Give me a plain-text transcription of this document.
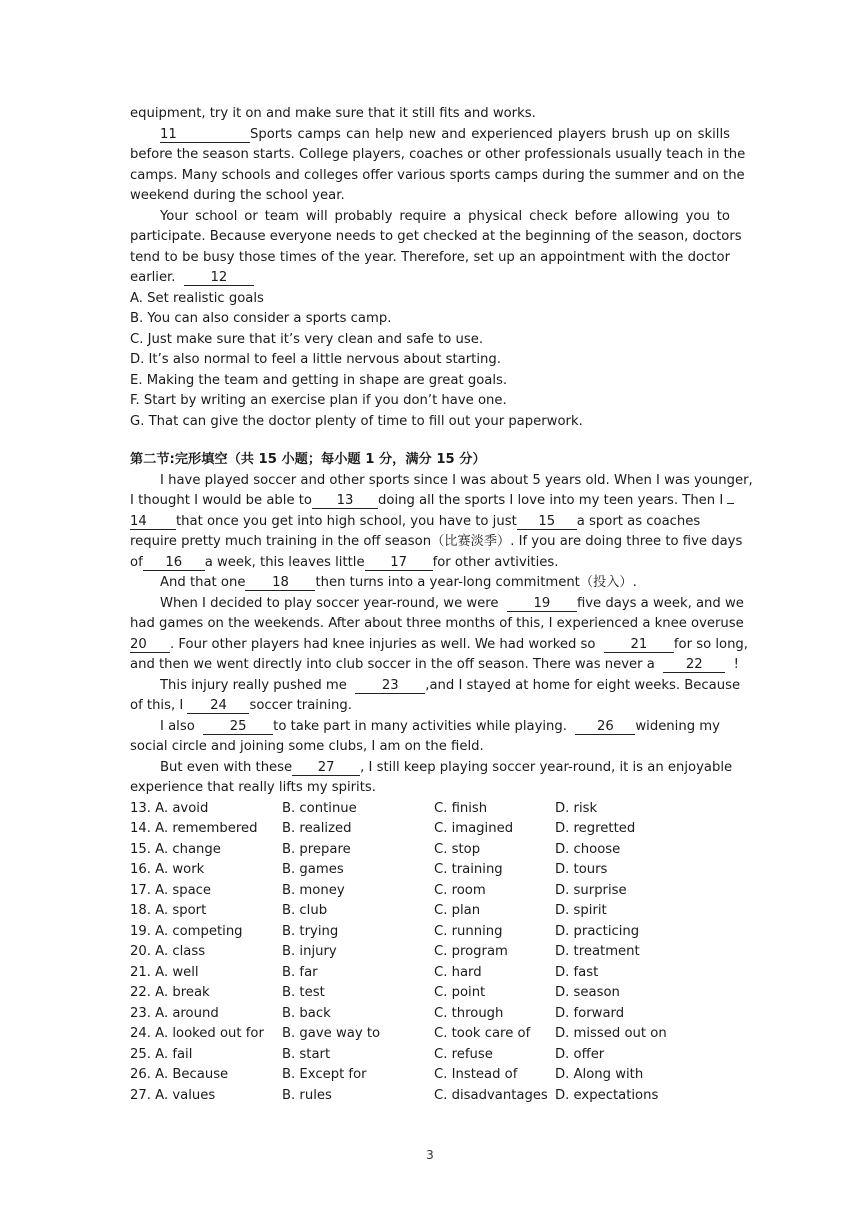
equipment, try it on and make sure that it still fits and works.
11	Sports camps can help new and experienced players brush up on skills
before the season starts. College players, coaches or other professionals usually teach in the
camps. Many schools and colleges offer various sports camps during the summer and on the
weekend during the school year.
Your school or team will probably require a physical check before allowing you to
participate. Because everyone needs to get checked at the beginning of the season, doctors
tend to be busy those times of the year. Therefore, set up an appointment with the doctor
earlier.	12
A. Set realistic goals
B. You can also consider a sports camp.
C. Just make sure that it’s very clean and safe to use.
D. It’s also normal to feel a little nervous about starting.
E. Making the team and getting in shape are great goals.
F. Start by writing an exercise plan if you don’t have one.
G. That can give the doctor plenty of time to fill out your paperwork.
第二节:完形填空（共 15 小题；每小题 1 分，满分 15 分）
I have played soccer and other sports since I was about 5 years old. When I was younger,
I thought I would be able to 13 doing all the sports I love into my teen years. Then I
14 that once you get into high school, you have to just 15 a sport as coaches
require pretty much training in the off season（比赛淡季）. If you are doing three to five days
of 16 a week, this leaves little 17 for other avtivities.
And that one 18 then turns into a year-long commitment（投入）.
When I decided to play soccer year-round, we were	19 five days a week, and we
had games on the weekends. After about three months of this, I experienced a knee overuse
20 . Four other players had knee injuries as well. We had worked so	21 for so long,
and then we went directly into club soccer in the off season. There was never a 22 !
This injury really pushed me	23 ,and I stayed at home for eight weeks. Because
of this, I 24 soccer training.
I also	25 to take part in many activities while playing. 26 widening my
social circle and joining some clubs, I am on the field.
But even with these 27 , I still keep playing soccer year-round, it is an enjoyable
experience that really lifts my spirits.
13. A. avoid	B. continue	C. finish	D. risk
14. A. remembered B. realized	C. imagined	D. regretted
15. A. change	B. prepare	C. stop	D. choose
16. A. work	B. games	C. training	D. tours
17. A. space	B. money	C. room	D. surprise
18. A. sport	B. club	C. plan	D. spirit
19. A. competing	B. trying	C. running	D. practicing
20. A. class	B. injury	C. program	D. treatment
21. A. well	B. far	C. hard	D. fast
22. A. break	B. test	C. point	D. season
23. A. around	B. back	C. through	D. forward
24. A. looked out for B. gave way to	C. took care of D. missed out on
25. A. fail	B. start	C. refuse	D. offer
26. A. Because	B. Except for	C. Instead of	D. Along with
27. A. values	B. rules	C. disadvantages D. expectations
3
